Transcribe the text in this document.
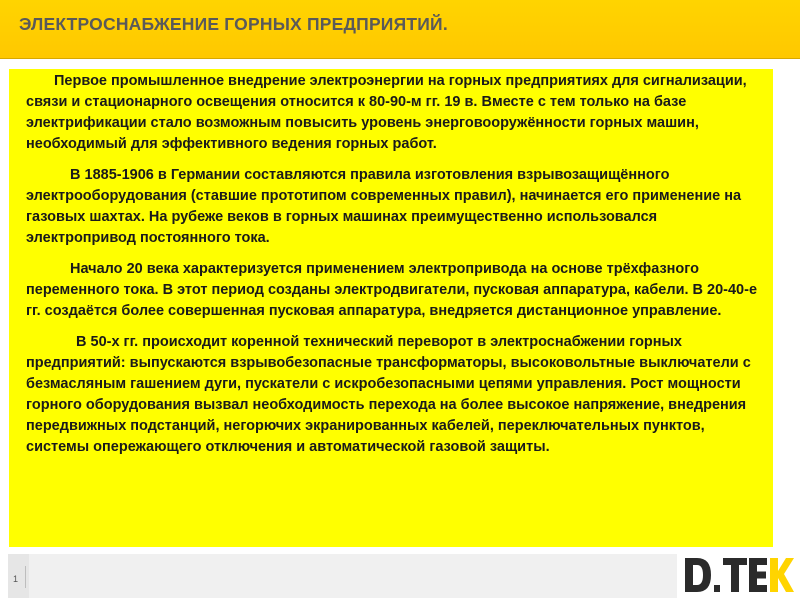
ЭЛЕКТРОСНАБЖЕНИЕ ГОРНЫХ ПРЕДПРИЯТИЙ.

Первое промышленное внедрение электроэнергии на горных предприятиях для сигнализации, связи и стационарного освещения относится к 80-90-м гг. 19 в. Вместе с тем только на базе электрификации стало возможным повысить уровень энерговооружённости горных машин, необходимый для эффективного ведения горных работ.

В 1885-1906 в Германии составляются правила изготовления взрывозащищённого электрооборудования (ставшие прототипом современных правил), начинается его применение на газовых шахтах. На рубеже веков в горных машинах преимущественно использовался электропривод постоянного тока.

Начало 20 века характеризуется применением электропривода на основе трёхфазного переменного тока. В этот период созданы электродвигатели, пусковая аппаратура, кабели. В 20-40-е гг. создаётся более совершенная пусковая аппаратура, внедряется дистанционное управление.

В 50-х гг. происходит коренной технический переворот в электроснабжении горных предприятий: выпускаются взрывобезопасные трансформаторы, высоковольтные выключатели с безмасляным гашением дуги, пускатели с искробезопасными цепями управления. Рост мощности горного оборудования вызвал необходимость перехода на более высокое напряжение, внедрения передвижных подстанций, негорючих экранированных кабелей, переключательных пунктов, системы опережающего отключения и автоматической газовой защиты.

1
